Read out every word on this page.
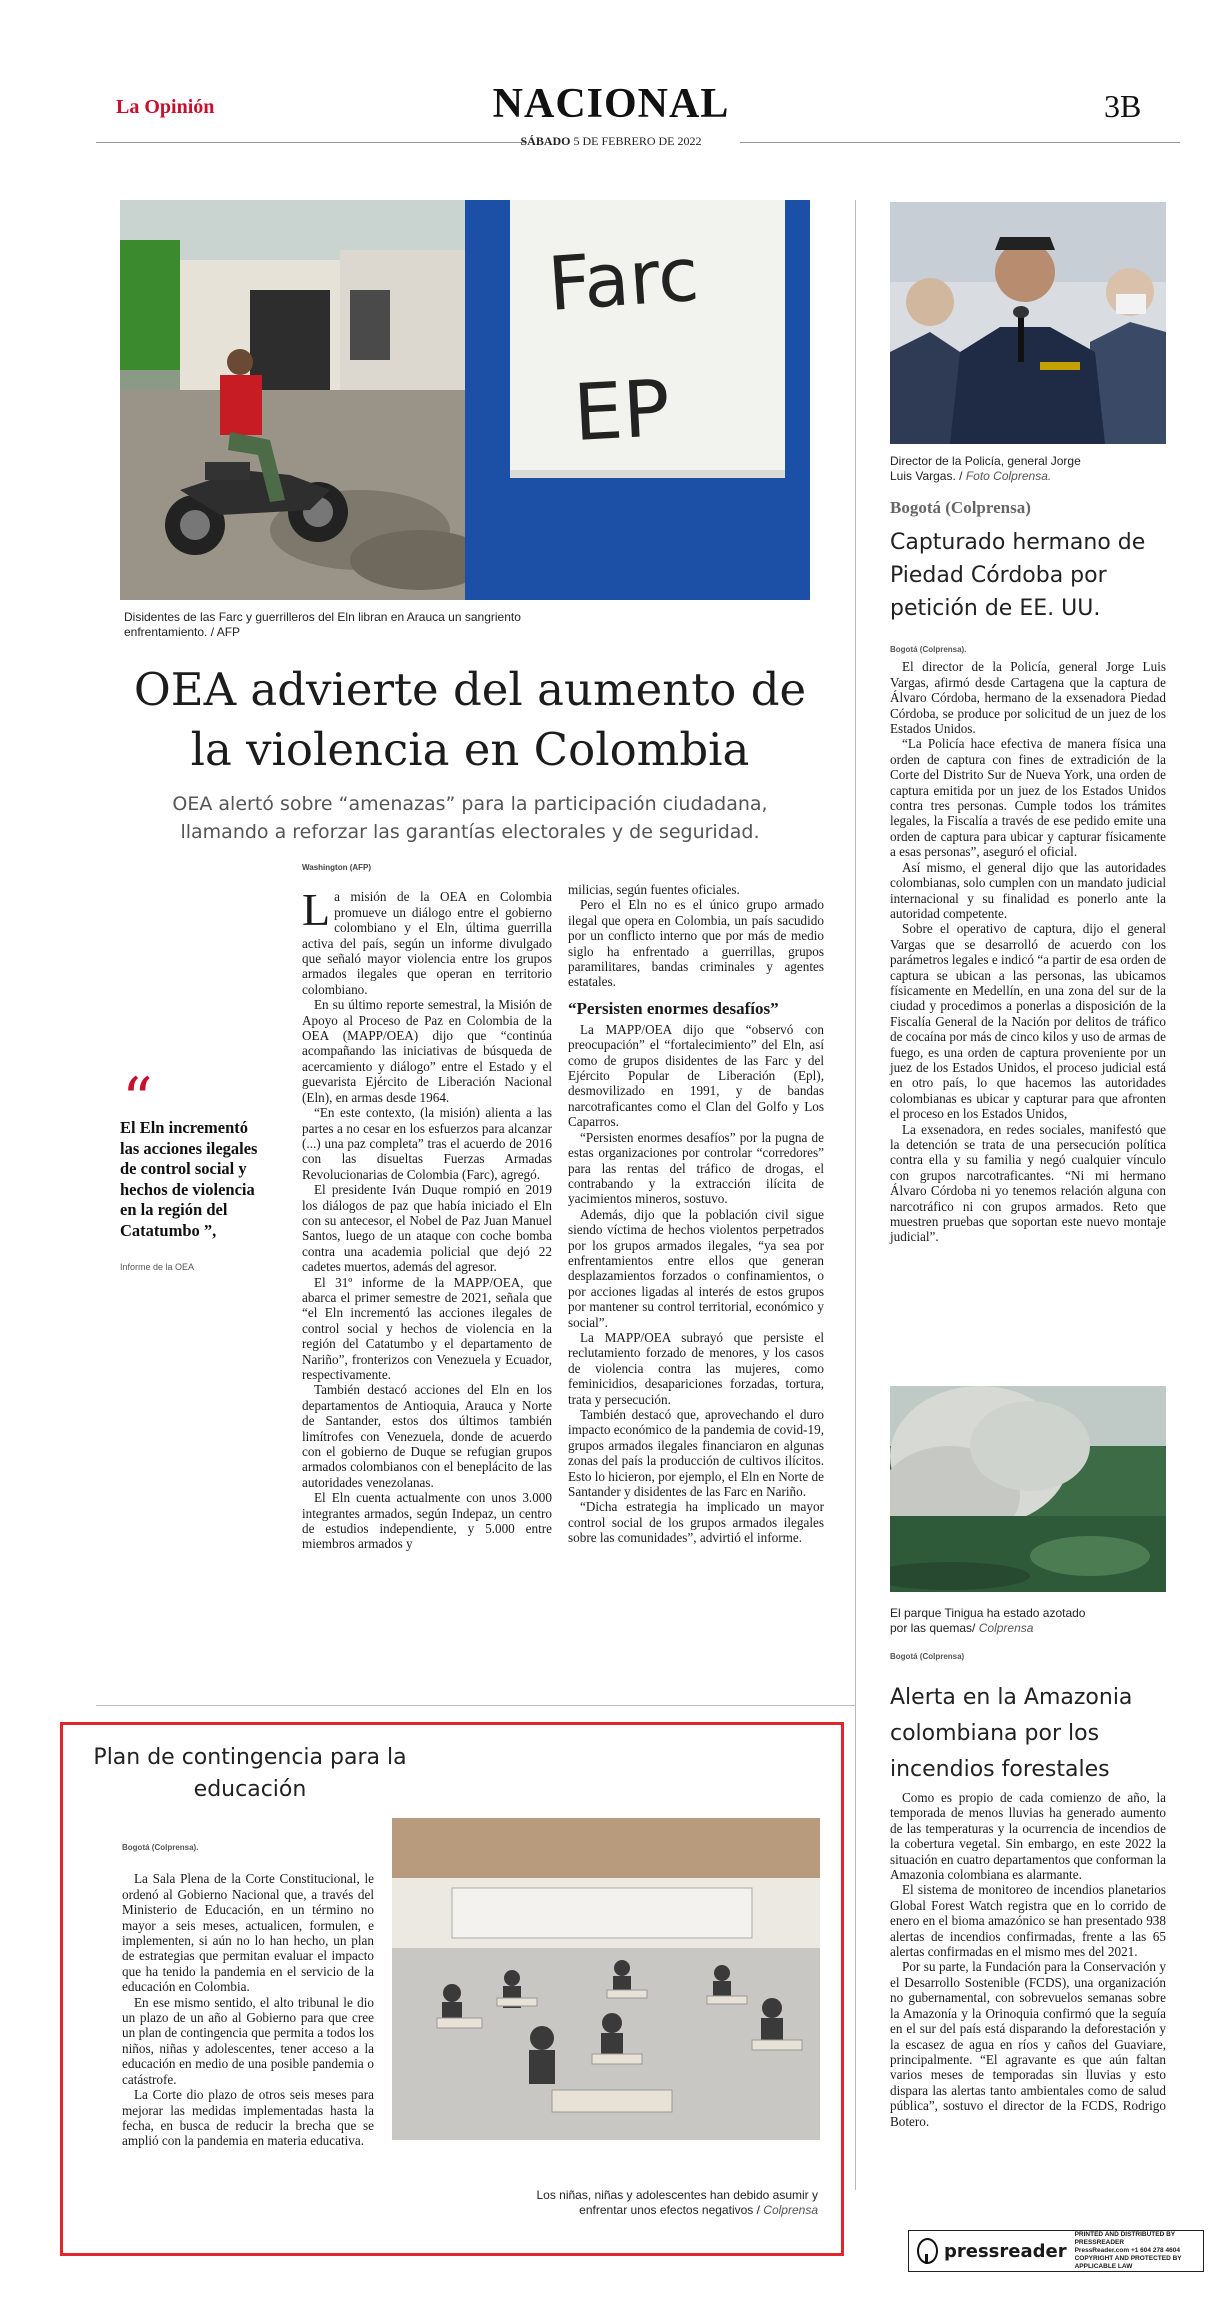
La Opinión	NACIONAL	3B
SÁBADO 5 DE FEBRERO DE 2022
Farc
EP
Disidentes de las Farc y guerrilleros del Eln libran en Arauca un sangriento enfrentamiento. / AFP
OEA advierte del aumento de la violencia en Colombia
OEA alertó sobre “amenazas” para la participación ciudadana, llamando a reforzar las garantías electorales y de seguridad.
“
El Eln incrementó las acciones ilegales de control social y hechos de violencia en la región del Catatumbo ”,
Informe de la OEA
Washington (AFP)

La misión de la OEA en Colombia promueve un diálogo entre el gobierno colombiano y el Eln, última guerrilla activa del país, según un informe divulgado que señaló mayor violencia entre los grupos armados ilegales que operan en territorio colombiano.

En su último reporte semestral, la Misión de Apoyo al Proceso de Paz en Colombia de la OEA (MAPP/OEA) dijo que “continúa acompañando las iniciativas de búsqueda de acercamiento y diálogo” entre el Estado y el guevarista Ejército de Liberación Nacional (Eln), en armas desde 1964.

“En este contexto, (la misión) alienta a las partes a no cesar en los esfuerzos para alcanzar (...) una paz completa” tras el acuerdo de 2016 con las disueltas Fuerzas Armadas Revolucionarias de Colombia (Farc), agregó.

El presidente Iván Duque rompió en 2019 los diálogos de paz que había iniciado el Eln con su antecesor, el Nobel de Paz Juan Manuel Santos, luego de un ataque con coche bomba contra una academia policial que dejó 22 cadetes muertos, además del agresor.

El 31º informe de la MAPP/OEA, que abarca el primer semestre de 2021, señala que “el Eln incrementó las acciones ilegales de control social y hechos de violencia en la región del Catatumbo y el departamento de Nariño”, fronterizos con Venezuela y Ecuador, respectivamente.

También destacó acciones del Eln en los departamentos de Antioquia, Arauca y Norte de Santander, estos dos últimos también limítrofes con Venezuela, donde de acuerdo con el gobierno de Duque se refugian grupos armados colombianos con el beneplácito de las autoridades venezolanas.

El Eln cuenta actualmente con unos 3.000 integrantes armados, según Indepaz, un centro de estudios independiente, y 5.000 entre miembros armados y

milicias, según fuentes oficiales.

Pero el Eln no es el único grupo armado ilegal que opera en Colombia, un país sacudido por un conflicto interno que por más de medio siglo ha enfrentado a guerrillas, grupos paramilitares, bandas criminales y agentes estatales.

“Persisten enormes desafíos”

La MAPP/OEA dijo que “observó con preocupación” el “fortalecimiento” del Eln, así como de grupos disidentes de las Farc y del Ejército Popular de Liberación (Epl), desmovilizado en 1991, y de bandas narcotraficantes como el Clan del Golfo y Los Caparros.

“Persisten enormes desafíos” por la pugna de estas organizaciones por controlar “corredores” para las rentas del tráfico de drogas, el contrabando y la extracción ilícita de yacimientos mineros, sostuvo.

Además, dijo que la población civil sigue siendo víctima de hechos violentos perpetrados por los grupos armados ilegales, “ya sea por enfrentamientos entre ellos que generan desplazamientos forzados o confinamientos, o por acciones ligadas al interés de estos grupos por mantener su control territorial, económico y social”.

La MAPP/OEA subrayó que persiste el reclutamiento forzado de menores, y los casos de violencia contra las mujeres, como feminicidios, desapariciones forzadas, tortura, trata y persecución.

También destacó que, aprovechando el duro impacto económico de la pandemia de covid-19, grupos armados ilegales financiaron en algunas zonas del país la producción de cultivos ilícitos. Esto lo hicieron, por ejemplo, el Eln en Norte de Santander y disidentes de las Farc en Nariño.

“Dicha estrategia ha implicado un mayor control social de los grupos armados ilegales sobre las comunidades”, advirtió el informe.

Director de la Policía, general Jorge Luis Vargas. / Foto Colprensa.
Bogotá (Colprensa)
Capturado hermano de Piedad Córdoba por petición de EE. UU.
Bogotá (Colprensa).

El director de la Policía, general Jorge Luis Vargas, afirmó desde Cartagena que la captura de Álvaro Córdoba, hermano de la exsenadora Piedad Córdoba, se produce por solicitud de un juez de los Estados Unidos.

“La Policía hace efectiva de manera física una orden de captura con fines de extradición de la Corte del Distrito Sur de Nueva York, una orden de captura emitida por un juez de los Estados Unidos contra tres personas. Cumple todos los trámites legales, la Fiscalía a través de ese pedido emite una orden de captura para ubicar y capturar físicamente a esas personas”, aseguró el oficial.

Así mismo, el general dijo que las autoridades colombianas, solo cumplen con un mandato judicial internacional y su finalidad es ponerlo ante la autoridad competente.

Sobre el operativo de captura, dijo el general Vargas que se desarrolló de acuerdo con los parámetros legales e indicó “a partir de esa orden de captura se ubican a las personas, las ubicamos físicamente en Medellín, en una zona del sur de la ciudad y procedimos a ponerlas a disposición de la Fiscalía General de la Nación por delitos de tráfico de cocaína por más de cinco kilos y uso de armas de fuego, es una orden de captura proveniente por un juez de los Estados Unidos, el proceso judicial está en otro país, lo que hacemos las autoridades colombianas es ubicar y capturar para que afronten el proceso en los Estados Unidos,

La exsenadora, en redes sociales, manifestó que la detención se trata de una persecución política contra ella y su familia y negó cualquier vínculo con grupos narcotraficantes. “Ni mi hermano Álvaro Córdoba ni yo tenemos relación alguna con narcotráfico ni con grupos armados. Reto que muestren pruebas que soportan este nuevo montaje judicial”.

El parque Tinigua ha estado azotado por las quemas/ Colprensa
Bogotá (Colprensa)
Alerta en la Amazonia colombiana por los incendios forestales

Como es propio de cada comienzo de año, la temporada de menos lluvias ha generado aumento de las temperaturas y la ocurrencia de incendios de la cobertura vegetal. Sin embargo, en este 2022 la situación en cuatro departamentos que conforman la Amazonia colombiana es alarmante.

El sistema de monitoreo de incendios planetarios Global Forest Watch registra que en lo corrido de enero en el bioma amazónico se han presentado 938 alertas de incendios confirmadas, frente a las 65 alertas confirmadas en el mismo mes del 2021.

Por su parte, la Fundación para la Conservación y el Desarrollo Sostenible (FCDS), una organización no gubernamental, con sobrevuelos semanas sobre la Amazonía y la Orinoquia confirmó que la seguía en el sur del país está disparando la deforestación y la escasez de agua en ríos y caños del Guaviare, principalmente. “El agravante es que aún faltan varios meses de temporadas sin lluvias y esto dispara las alertas tanto ambientales como de salud pública”, sostuvo el director de la FCDS, Rodrigo Botero.

Plan de contingencia para la educación
Bogotá (Colprensa).

La Sala Plena de la Corte Constitucional, le ordenó al Gobierno Nacional que, a través del Ministerio de Educación, en un término no mayor a seis meses, actualicen, formulen, e implementen, si aún no lo han hecho, un plan de estrategias que permitan evaluar el impacto que ha tenido la pandemia en el servicio de la educación en Colombia.

En ese mismo sentido, el alto tribunal le dio un plazo de un año al Gobierno para que cree un plan de contingencia que permita a todos los niños, niñas y adolescentes, tener acceso a la educación en medio de una posible pandemia o catástrofe.

La Corte dio plazo de otros seis meses para mejorar las medidas implementadas hasta la fecha, en busca de reducir la brecha que se amplió con la pandemia en materia educativa.

Los niñas, niñas y adolescentes han debido asumir y enfrentar unos efectos negativos / Colprensa
pressreader
PRINTED AND DISTRIBUTED BY PRESSREADER
PressReader.com +1 604 278 4604
COPYRIGHT AND PROTECTED BY APPLICABLE LAW
